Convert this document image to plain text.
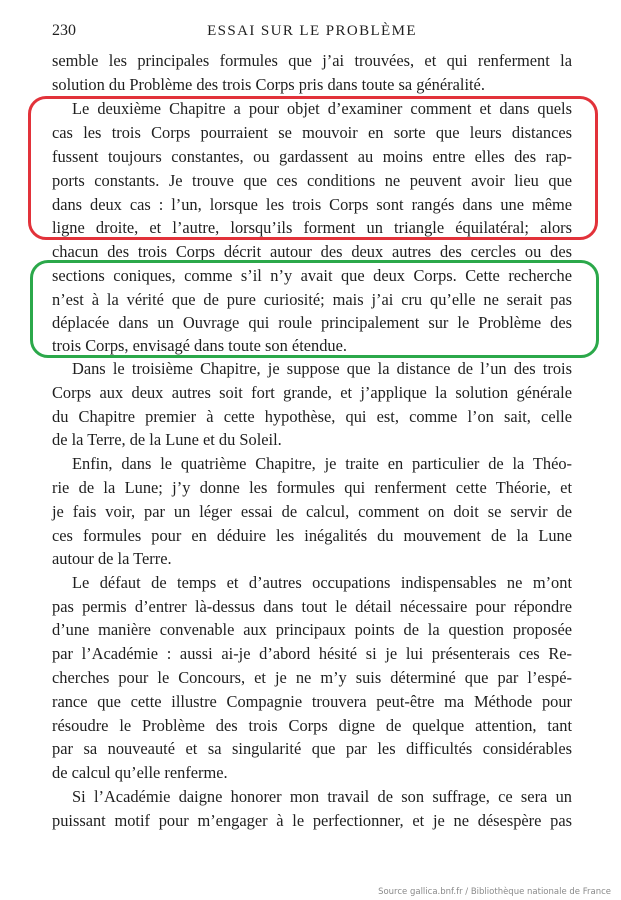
230	ESSAI SUR LE PROBLÈME
semble les principales formules que j’ai trouvées, et qui renferment la
solution du Problème des trois Corps pris dans toute sa généralité.
Le deuxième Chapitre a pour objet d’examiner comment et dans quels
cas les trois Corps pourraient se mouvoir en sorte que leurs distances
fussent toujours constantes, ou gardassent au moins entre elles des rap-
ports constants. Je trouve que ces conditions ne peuvent avoir lieu que
dans deux cas : l’un, lorsque les trois Corps sont rangés dans une même
ligne droite, et l’autre, lorsqu’ils forment un triangle équilatéral; alors
chacun des trois Corps décrit autour des deux autres des cercles ou des
sections coniques, comme s’il n’y avait que deux Corps. Cette recherche
n’est à la vérité que de pure curiosité; mais j’ai cru qu’elle ne serait pas
déplacée dans un Ouvrage qui roule principalement sur le Problème des
trois Corps, envisagé dans toute son étendue.
Dans le troisième Chapitre, je suppose que la distance de l’un des trois
Corps aux deux autres soit fort grande, et j’applique la solution générale
du Chapitre premier à cette hypothèse, qui est, comme l’on sait, celle
de la Terre, de la Lune et du Soleil.
Enfin, dans le quatrième Chapitre, je traite en particulier de la Théo-
rie de la Lune; j’y donne les formules qui renferment cette Théorie, et
je fais voir, par un léger essai de calcul, comment on doit se servir de
ces formules pour en déduire les inégalités du mouvement de la Lune
autour de la Terre.
Le défaut de temps et d’autres occupations indispensables ne m’ont
pas permis d’entrer là-dessus dans tout le détail nécessaire pour répondre
d’une manière convenable aux principaux points de la question proposée
par l’Académie : aussi ai-je d’abord hésité si je lui présenterais ces Re-
cherches pour le Concours, et je ne m’y suis déterminé que par l’espé-
rance que cette illustre Compagnie trouvera peut-être ma Méthode pour
résoudre le Problème des trois Corps digne de quelque attention, tant
par sa nouveauté et sa singularité que par les difficultés considérables
de calcul qu’elle renferme.
Si l’Académie daigne honorer mon travail de son suffrage, ce sera un
puissant motif pour m’engager à le perfectionner, et je ne désespère pas
Source gallica.bnf.fr / Bibliothèque nationale de France
